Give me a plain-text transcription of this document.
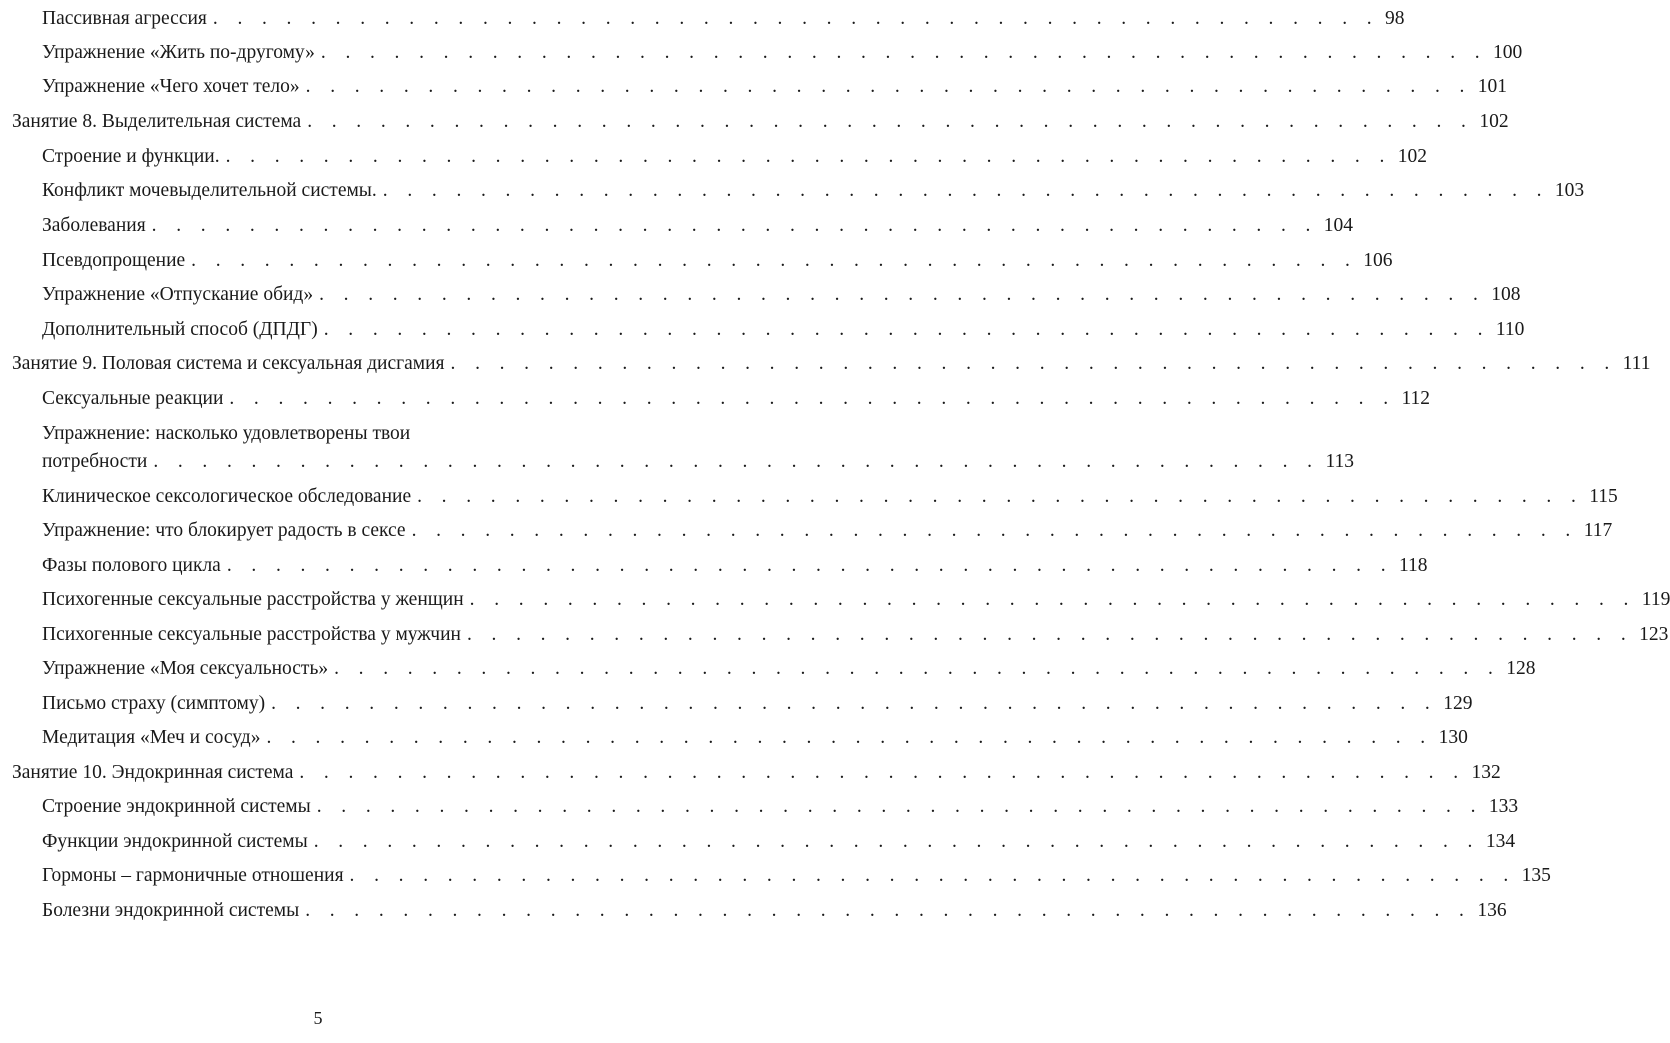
Пассивная агрессия . . . . . . . . . . . . . . . . . . . . . . . . . . . . . . . . . . . . . . . . . . . . . . . . 98
Упражнение «Жить по-другому» . . . . . . . . . . . . . . . . . . . . . . . . . . . . . . . . . . . . . . . . . . . . . . . . 100
Упражнение «Чего хочет тело» . . . . . . . . . . . . . . . . . . . . . . . . . . . . . . . . . . . . . . . . . . . . . . . . 101
Занятие 8. Выделительная система . . . . . . . . . . . . . . . . . . . . . . . . . . . . . . . . . . . . . . . . . . . . . . . . 102
Строение и функции. . . . . . . . . . . . . . . . . . . . . . . . . . . . . . . . . . . . . . . . . . . . . . . . . 102
Конфликт мочевыделительной системы. . . . . . . . . . . . . . . . . . . . . . . . . . . . . . . . . . . . . . . . . . . . . . . . . 103
Заболевания . . . . . . . . . . . . . . . . . . . . . . . . . . . . . . . . . . . . . . . . . . . . . . . . 104
Псевдопрощение . . . . . . . . . . . . . . . . . . . . . . . . . . . . . . . . . . . . . . . . . . . . . . . . 106
Упражнение «Отпускание обид» . . . . . . . . . . . . . . . . . . . . . . . . . . . . . . . . . . . . . . . . . . . . . . . . 108
Дополнительный способ (ДПДГ) . . . . . . . . . . . . . . . . . . . . . . . . . . . . . . . . . . . . . . . . . . . . . . . . 110
Занятие 9. Половая система и сексуальная дисгамия . . . . . . . . . . . . . . . . . . . . . . . . . . . . . . . . . . . . . . . . . . . . . . . . 111
Сексуальные реакции . . . . . . . . . . . . . . . . . . . . . . . . . . . . . . . . . . . . . . . . . . . . . . . . 112
Упражнение: насколько удовлетворены твои
потребности . . . . . . . . . . . . . . . . . . . . . . . . . . . . . . . . . . . . . . . . . . . . . . . . 113
Клиническое сексологическое обследование . . . . . . . . . . . . . . . . . . . . . . . . . . . . . . . . . . . . . . . . . . . . . . . . 115
Упражнение: что блокирует радость в сексе . . . . . . . . . . . . . . . . . . . . . . . . . . . . . . . . . . . . . . . . . . . . . . . . 117
Фазы полового цикла . . . . . . . . . . . . . . . . . . . . . . . . . . . . . . . . . . . . . . . . . . . . . . . . 118
Психогенные сексуальные расстройства у женщин . . . . . . . . . . . . . . . . . . . . . . . . . . . . . . . . . . . . . . . . . . . . . . . . 119
Психогенные сексуальные расстройства у мужчин . . . . . . . . . . . . . . . . . . . . . . . . . . . . . . . . . . . . . . . . . . . . . . . . 123
Упражнение «Моя сексуальность» . . . . . . . . . . . . . . . . . . . . . . . . . . . . . . . . . . . . . . . . . . . . . . . . 128
Письмо страху (симптому) . . . . . . . . . . . . . . . . . . . . . . . . . . . . . . . . . . . . . . . . . . . . . . . . 129
Медитация «Меч и сосуд» . . . . . . . . . . . . . . . . . . . . . . . . . . . . . . . . . . . . . . . . . . . . . . . . 130
Занятие 10. Эндокринная система . . . . . . . . . . . . . . . . . . . . . . . . . . . . . . . . . . . . . . . . . . . . . . . . 132
Строение эндокринной системы . . . . . . . . . . . . . . . . . . . . . . . . . . . . . . . . . . . . . . . . . . . . . . . . 133
Функции эндокринной системы . . . . . . . . . . . . . . . . . . . . . . . . . . . . . . . . . . . . . . . . . . . . . . . . 134
Гормоны – гармоничные отношения . . . . . . . . . . . . . . . . . . . . . . . . . . . . . . . . . . . . . . . . . . . . . . . . 135
Болезни эндокринной системы . . . . . . . . . . . . . . . . . . . . . . . . . . . . . . . . . . . . . . . . . . . . . . . . 136
5
